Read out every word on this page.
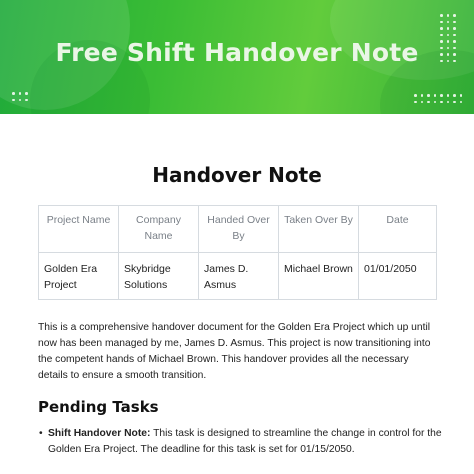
Free Shift Handover Note
Handover Note
Project Name	Company Name	Handed Over By	Taken Over By	Date
Golden Era Project	Skybridge Solutions	James D. Asmus	Michael Brown	01/01/2050

This is a comprehensive handover document for the Golden Era Project which up until now has been managed by me, James D. Asmus. This project is now transitioning into the competent hands of Michael Brown. This handover provides all the necessary details to ensure a smooth transition.

Pending Tasks
• Shift Handover Note: This task is designed to streamline the change in control for the Golden Era Project. The deadline for this task is set for 01/15/2050.
